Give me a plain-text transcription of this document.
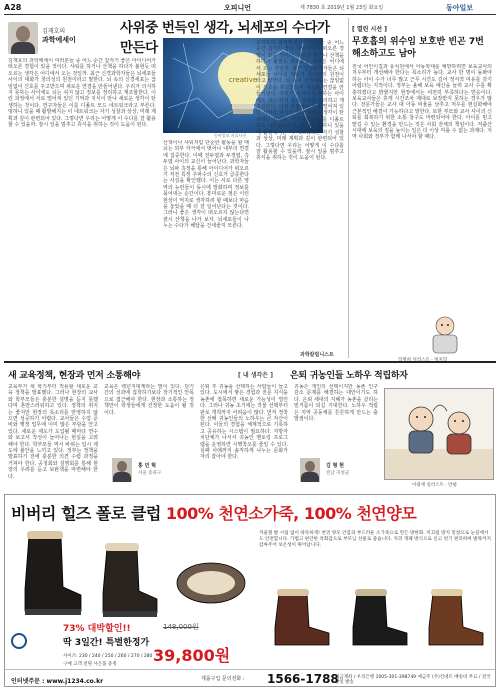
A28	오피니언	제 7830 호 2019년 1월 23일 화요일	동아일보
김재호의
과학에세이
사위중 번득인 생각, 뇌세포의 수다가 만든다
creative
동아일보 자료사진
김재호의 과학에세이 여러분들 중 어느 순간 갑자기 좋은 아이디어가 떠오른 경험이 있을 것이다. 샤워를 하거나 산책을 하다가 불현듯 떠오르는 생각은 어디에서 오는 것일까. 최근 신경과학자들은 뇌세포들 사이의 대화가 창의성의 원천이라고 말한다. 뇌 속의 신경세포는 끊임없이 신호를 주고받으며 새로운 연결을 만들어낸다. 우리가 의식하지 못하는 사이에도 뇌는 쉬지 않고 정보를 정리하고 재조합한다. 이런 과정에서 서로 떨어져 있던 기억과 지식이 만나 새로운 생각이 탄생하는 것이다. 연구자들은 이를 디폴트 모드 네트워크라고 부른다. 멍하니 있을 때 활발해지는 이 네트워크는 자기 성찰과 상상, 미래 계획과 깊이 관련되어 있다. 그렇다면 우리는 어떻게 이 수다를 잘 활용할 수 있을까. 잠시 일을 멈추고 휴식을 취하는 것이 도움이 된다.
산책이나 샤워처럼 단순한 활동을 할 때 뇌는 외부 자극에서 벗어나 내부의 연결에 집중한다. 이때 전두엽과 두정엽, 측두엽 사이의 교신이 늘어난다. 과학자들은 뇌파 측정을 통해 아이디어가 떠오르기 직전 특정 주파수의 신호가 급증한다는 사실을 확인했다. 이는 서로 다른 영역의 뉴런들이 동시에 발화하며 정보를 묶어내는 순간이다. 흥미로운 점은 이런 현상이 억지로 생각하려 할 때보다 마음을 놓았을 때 더 잘 일어난다는 것이다. 그러니 좋은 생각이 떠오르지 않는다면 잠시 산책을 나가 보자. 뇌세포들이 나누는 수다가 해답을 건네줄지 모른다.
김재호의 과학에세이 여러분들 중 어느 순간 갑자기 좋은 아이디어가 떠오른 경험이 있을 것이다. 샤워를 하거나 산책을 하다가 불현듯 떠오르는 생각은 어디에서 오는 것일까. 최근 신경과학자들은 뇌세포들 사이의 대화가 창의성의 원천이라고 말한다. 뇌 속의 신경세포는 끊임없이 신호를 주고받으며 새로운 연결을 만들어낸다. 우리가 의식하지 못하는 사이에도 뇌는 쉬지 않고 정보를 정리하고 재조합한다. 이런 과정에서 서로 떨어져 있던 기억과 지식이 만나 새로운 생각이 탄생하는 것이다. 연구자들은 이를 디폴트 모드 네트워크라고 부른다. 멍하니 있을 때 활발해지는 이 네트워크는 자기 성찰과 상상, 미래 계획과 깊이 관련되어 있다. 그렇다면 우리는 어떻게 이 수다를 잘 활용할 수 있을까. 잠시 일을 멈추고 휴식을 취하는 것이 도움이 된다.
과학칼럼니스트
[ 열린 시선 ]
무호흡의 위수임 보호반 빈곤 7번 해소하고도 남아
전국 어린이집과 유치원에서 아동학대를 예방하려면 보육교사의 처우부터 개선해야 한다는 목소리가 높다. 교사 한 명이 돌봐야 하는 아이 수가 너무 많고 근무 시간도 길어 정서적 여유를 갖기 어렵다는 지적이다. 정부는 올해 보육 예산을 늘려 교사 수를 확충하겠다고 밝혔지만 현장에서는 여전히 부족하다는 반응이다. 보육교사들은 휴게 시간조차 제대로 보장받지 못하는 경우가 많다. 전문가들은 교사 대 아동 비율을 낮추고 처우를 현실화해야 근본적인 해결이 가능하다고 말한다. 또한 부모와 교사 사이의 신뢰를 회복하기 위한 소통 창구도 마련되어야 한다. 아이를 믿고 맡길 수 있는 환경을 만드는 것은 사회 전체의 책임이다. 저출산 시대에 보육의 질을 높이는 일은 더 이상 미룰 수 없는 과제다. 지역 사회와 정부가 함께 나서야 할 때다.
새 교육정책, 현장과 먼저 소통해야	[ 내 생각은 ] 은퇴 귀농인들 노하우 적립하자
교육부가 새 학기부터 적용할 새로운 교육 정책을 발표했다. 그러나 현장의 교사와 학부모들은 충분한 설명을 듣지 못했다며 혼란스러워하고 있다. 정책의 취지는 좋지만 현장의 목소리를 반영하지 않으면 성공하기 어렵다. 교사들은 수업 준비와 행정 업무에 이미 많은 부담을 안고 있다. 새로운 제도가 도입될 때마다 연수와 보고서 작성이 늘어나는 현실을 고려해야 한다. 학부모들 역시 바뀌는 입시 제도에 불안을 느끼고 있다. 정부는 정책을 발표하기 전에 충분한 의견 수렴 과정을 거쳐야 한다. 공청회와 설명회를 통해 현장의 우려를 듣고 보완책을 마련해야 한다.
교육은 백년지대계라는 말이 있다. 단기간의 성과에 집착하기보다 장기적인 안목으로 접근해야 한다. 현장과 소통하는 정책만이 학생들에게 진정한 도움이 될 것이다.
홍 민 혁
서울 송파구
은퇴 후 귀농을 선택하는 사람들이 늘고 있다. 도시에서 쌓은 경험과 전문 지식을 농촌에 접목하면 새로운 가능성이 열린다. 그러나 귀농 초기에는 작물 선택부터 판로 개척까지 어려움이 많다. 먼저 정착한 선배 귀농인들의 노하우는 큰 자산이 된다. 이들의 경험을 체계적으로 기록하고 공유하는 시스템이 필요하다. 지방자치단체가 나서서 귀농인 멘토링 프로그램을 운영하면 시행착오를 줄일 수 있다. 실패 사례까지 솔직하게 나누는 문화가 자리 잡아야 한다.
귀농은 개인의 선택이지만 농촌 인구 감소 문제를 해결하는 대안이기도 하다. 은퇴 세대의 지혜가 농촌을 살리는 밑거름이 되길 기대한다. 노하우 적립은 지역 공동체를 튼튼하게 만드는 출발점이다.
김 형 현
전남 곡성군
이광재 일러스트 · 만평
비버리 힐즈 폴로 클럽 100% 천연소가죽, 100% 천연양모
겨울철 발 시림 없이 따뜻하게! 천연 양모 안감과 부드러운 소가죽으로 만든 방한화. 미끄럼 방지 밑창으로 눈길에서도 안전합니다. 가볍고 편안한 착화감으로 부모님 선물로 좋습니다. 지퍼 개폐 방식으로 신고 벗기 편리하며 발목까지 감싸주어 보온성이 뛰어납니다.
73% 대박할인!!	148,000원
딱 3일간! 특별한정가
39,800원
사이즈: 230 / 240 / 250 / 260 / 270 / 280
구매 고객 전원 사은품 증정
인터넷주문 : www.j1234.co.kr	제품구입 문의전화 : 1566-1788
입금계좌 / 우리은행 1005-301-398749 예금주 (주)진네트 배송비 무료 / 전국 당일 발송
